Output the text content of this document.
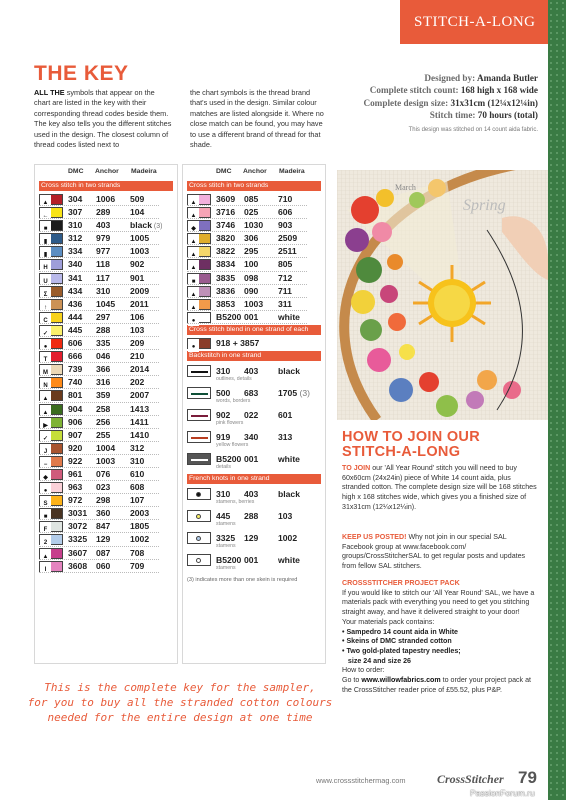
STITCH-A-LONG
THE KEY
ALL THE symbols that appear on the chart are listed in the key with their corresponding thread codes beside them. The key also tells you the different stitches used in the design. The closest column of thread codes listed next to
the chart symbols is the thread brand that's used in the design. Similar colour matches are listed alongside it. Where no close match can be found, you may have to use a different brand of thread for that shade.
Designed by: Amanda Butler
Complete stitch count: 168 high x 168 wide
Complete design size: 31x31cm (12¼x12¼in)
Stitch time: 70 hours (total)
This design was stitched on 14 count aida fabric.
DMC Anchor Madeira
Cross stitch in two strands
▲	304 1006 509
←	307 289 104
■	310 403 black (3)
▮	312 979 1005
▮	334 977 1003
H	340 118 902
U	341 117 901
Σ	434 310 2009
↑	436 1045 2011
C	444 297 106
✓	445 288 103
●	606 335 209
T	666 046 210
M	739 366 2014
N	740 316 202
▲	801 359 2007
▲	904 258 1413
▶	906 256 1411
✓	907 255 1410
J	920 1004 312
−	922 1003 310
◆	961 076 610
●	963 023 608
S	972 298 107
■	3031 360 2003
F	3072 847 1805
2	3325 129 1002
▲	3607 087 708
I	3608 060 709
DMC Anchor Madeira
Cross stitch in two strands
▲	3609 085 710
▲	3716 025 606
◆	3746 1030 903
▲	3820 306 2509
▲	3822 295 2511
▲	3834 100 805
■	3835 098 712
▲	3836 090 711
▲	3853 1003 311
●	B5200 001 white
Cross stitch blend in one strand of each
●	918 + 3857
Backstitch in one strand
310 403 black
outlines, details
500 683 1705 (3)
words, borders
902 022 601
pink flowers
919 340 313
yellow flowers
B5200 001 white
details
French knots in one strand
310 403 black
stamens, berries
445 288 103
stamens
3325 129 1002
stamens
B5200 001 white
stamens
(3) indicates more than one skein is required
Spring
March
HOW TO JOIN OUR
STITCH-A-LONG
TO JOIN our 'All Year Round' stitch you will need to buy 60x60cm (24x24in) piece of White 14 count aida, plus stranded cotton. The complete design size will be 168 stitches high x 168 stitches wide, which gives you a finished size of 31x31cm (12¼x12¼in).
KEEP US POSTED! Why not join in our special SAL Facebook group at www.facebook.com/ groups/CrossStitcherSAL to get regular posts and updates from fellow SAL stitchers.
CROSSSTITCHER PROJECT PACK
If you would like to stitch our 'All Year Round' SAL, we have a materials pack with everything you need to get you stitching straight away, and have it delivered straight to your door!
Your materials pack contains:
• Sampedro 14 count aida in White
• Skeins of DMC stranded cotton
• Two gold-plated tapestry needles;
size 24 and size 26
How to order:
Go to www.willowfabrics.com to order your project pack at the CrossStitcher reader price of £55.52, plus P&P.
This is the complete key for the sampler,
for you to buy all the stranded cotton colours
needed for the entire design at one time
www.crossstitchermag.com	CrossStitcher 79
PassionForum.ru
